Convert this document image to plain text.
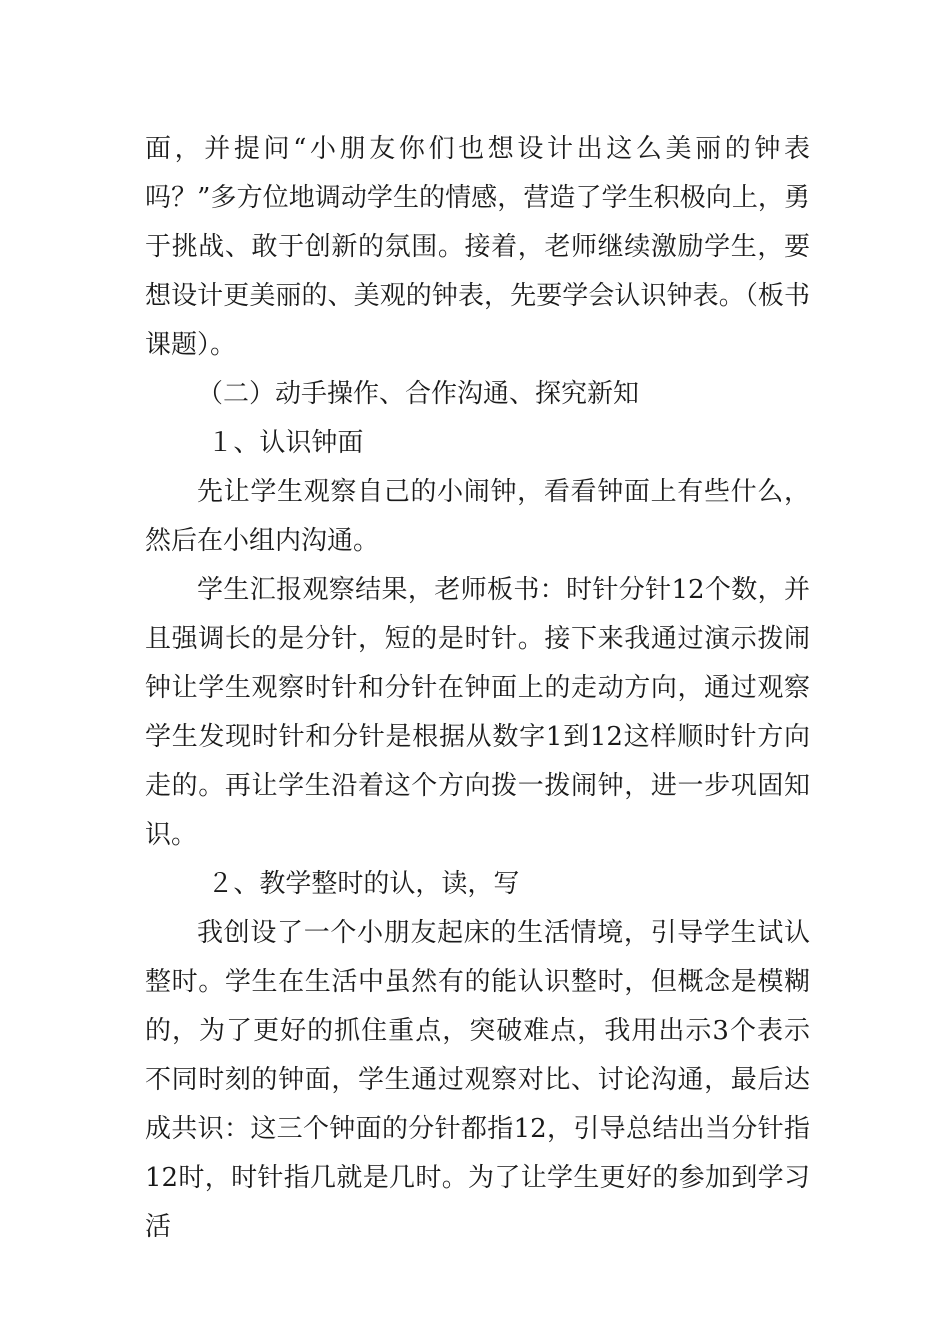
面，并提问“小朋友你们也想设计出这么美丽的钟表吗？”多方位地调动学生的情感，营造了学生积极向上，勇于挑战、敢于创新的氛围。接着，老师继续激励学生，要想设计更美丽的、美观的钟表，先要学会认识钟表。（板书课题）。

（二）动手操作、合作沟通、探究新知

１、认识钟面

先让学生观察自己的小闹钟，看看钟面上有些什么，然后在小组内沟通。

学生汇报观察结果，老师板书：时针分针12个数，并且强调长的是分针，短的是时针。接下来我通过演示拨闹钟让学生观察时针和分针在钟面上的走动方向，通过观察学生发现时针和分针是根据从数字1到12这样顺时针方向走的。再让学生沿着这个方向拨一拨闹钟，进一步巩固知识。

２、教学整时的认，读，写

我创设了一个小朋友起床的生活情境，引导学生试认整时。学生在生活中虽然有的能认识整时，但概念是模糊的，为了更好的抓住重点，突破难点，我用出示3个表示不同时刻的钟面，学生通过观察对比、讨论沟通，最后达成共识：这三个钟面的分针都指12，引导总结出当分针指12时，时针指几就是几时。为了让学生更好的参加到学习活
